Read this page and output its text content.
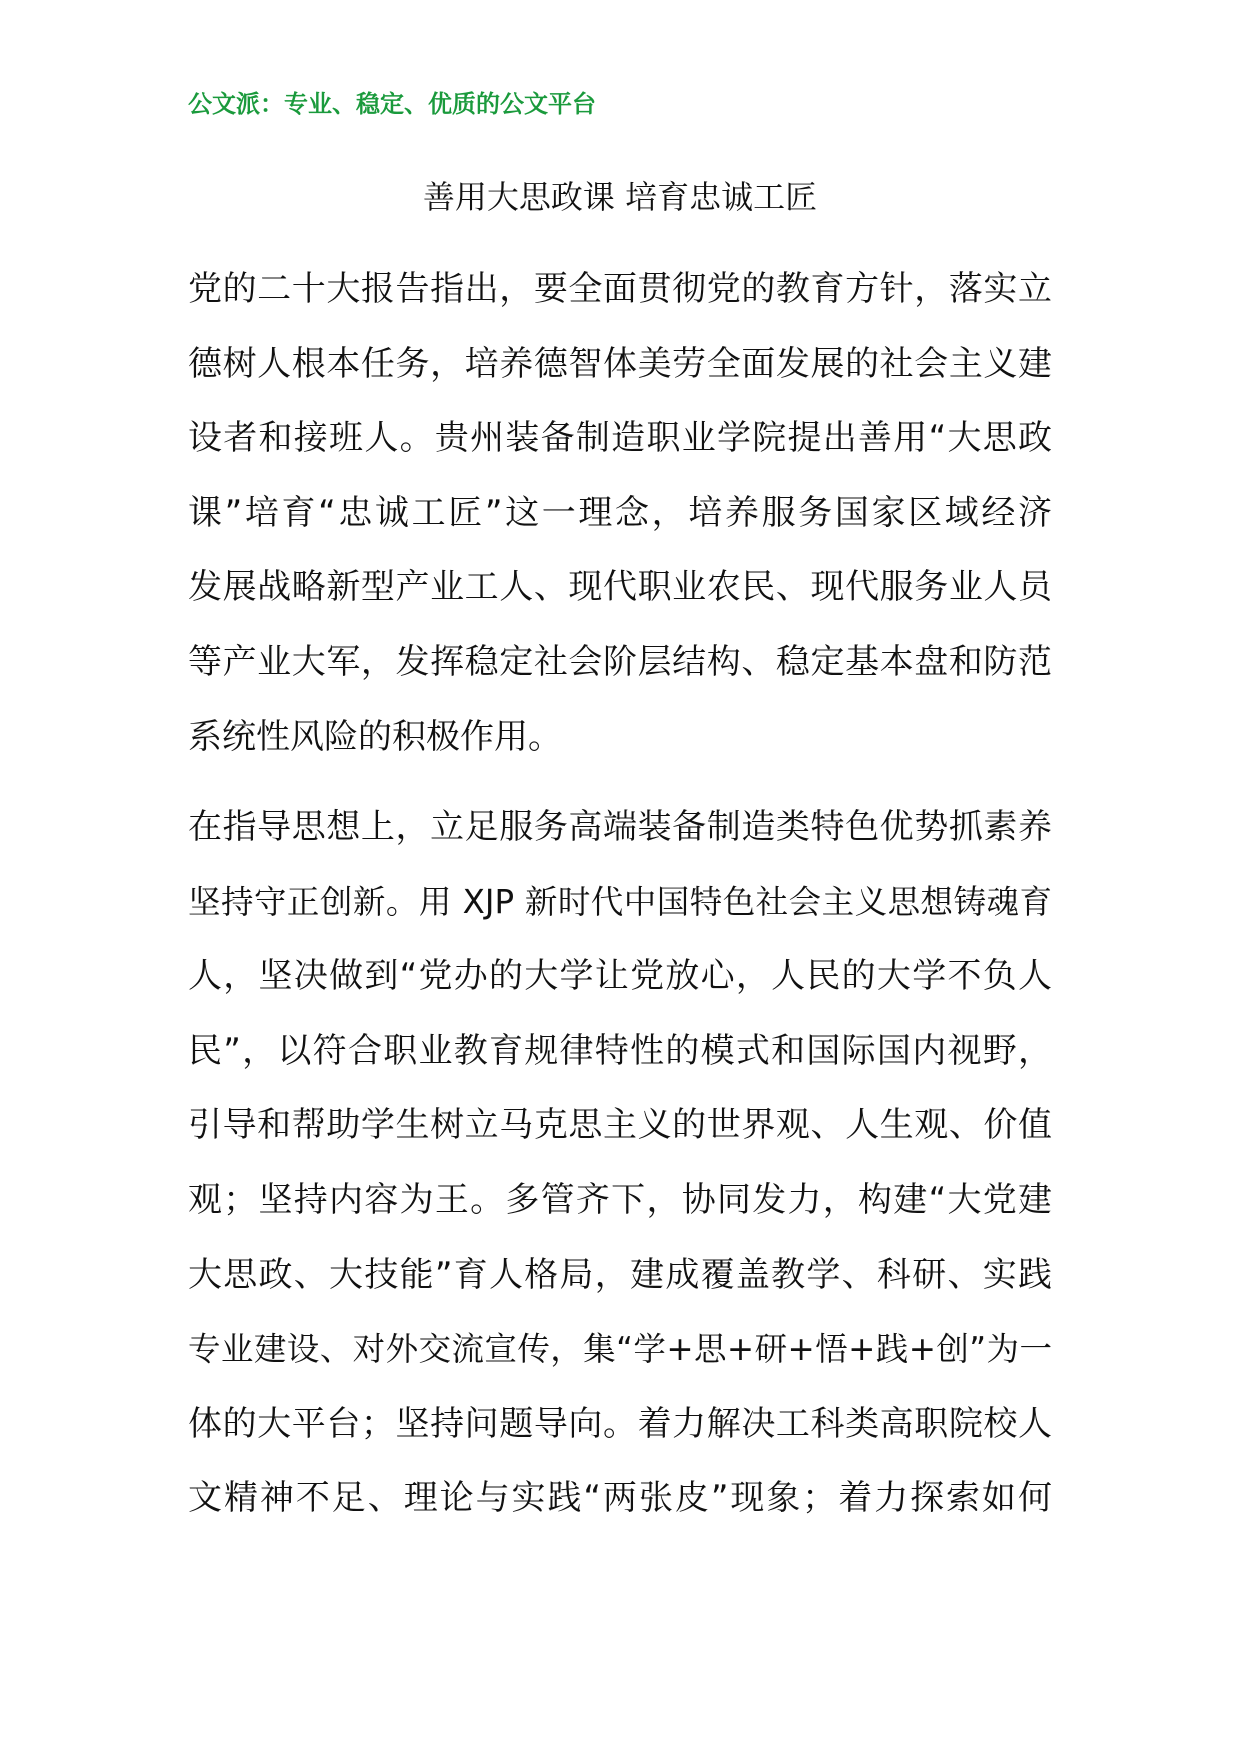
公文派：专业、稳定、优质的公文平台
善用大思政课 培育忠诚工匠
党的二十大报告指出，要全面贯彻党的教育方针，落实立
德树人根本任务，培养德智体美劳全面发展的社会主义建
设者和接班人。贵州装备制造职业学院提出善用“大思政
课”培育“忠诚工匠”这一理念，培养服务国家区域经济
发展战略新型产业工人、现代职业农民、现代服务业人员
等产业大军，发挥稳定社会阶层结构、稳定基本盘和防范
系统性风险的积极作用。
在指导思想上，立足服务高端装备制造类特色优势抓素养
坚持守正创新。用 XJP 新时代中国特色社会主义思想铸魂育
人，坚决做到“党办的大学让党放心，人民的大学不负人
民”，以符合职业教育规律特性的模式和国际国内视野，
引导和帮助学生树立马克思主义的世界观、人生观、价值
观；坚持内容为王。多管齐下，协同发力，构建“大党建
大思政、大技能”育人格局，建成覆盖教学、科研、实践
专业建设、对外交流宣传，集“学+思+研+悟+践+创”为一
体的大平台；坚持问题导向。着力解决工科类高职院校人
文精神不足、理论与实践“两张皮”现象；着力探索如何
